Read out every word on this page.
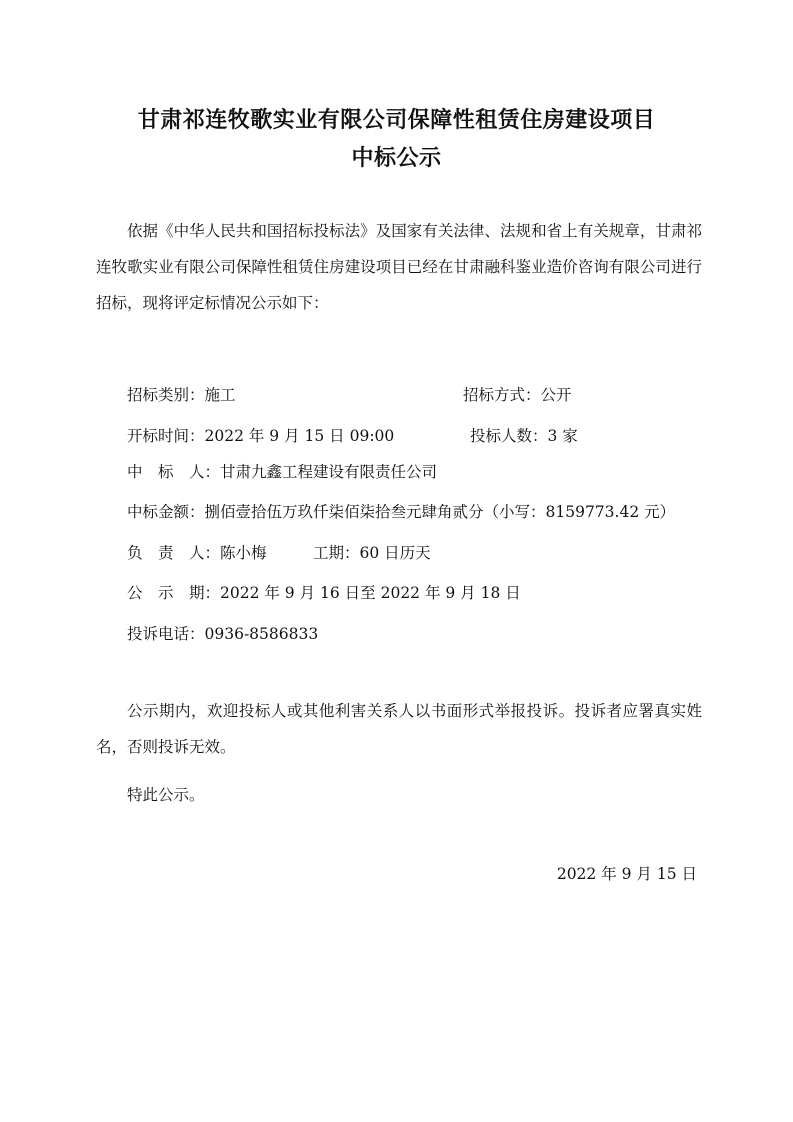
甘肃祁连牧歌实业有限公司保障性租赁住房建设项目
中标公示
依据《中华人民共和国招标投标法》及国家有关法律、法规和省上有关规章，甘肃祁连牧歌实业有限公司保障性租赁住房建设项目已经在甘肃融科鉴业造价咨询有限公司进行招标，现将评定标情况公示如下：
招标类别：施工	招标方式：公开
开标时间：2022 年 9 月 15 日 09:00	投标人数：3 家
中　标　人：甘肃九鑫工程建设有限责任公司
中标金额：捌佰壹拾伍万玖仟柒佰柒拾叁元肆角贰分（小写：8159773.42 元）
负　责　人：陈小梅	工期：60 日历天
公　示　期：2022 年 9 月 16 日至 2022 年 9 月 18 日
投诉电话：0936-8586833
公示期内，欢迎投标人或其他利害关系人以书面形式举报投诉。投诉者应署真实姓名，否则投诉无效。
特此公示。
2022 年 9 月 15 日
